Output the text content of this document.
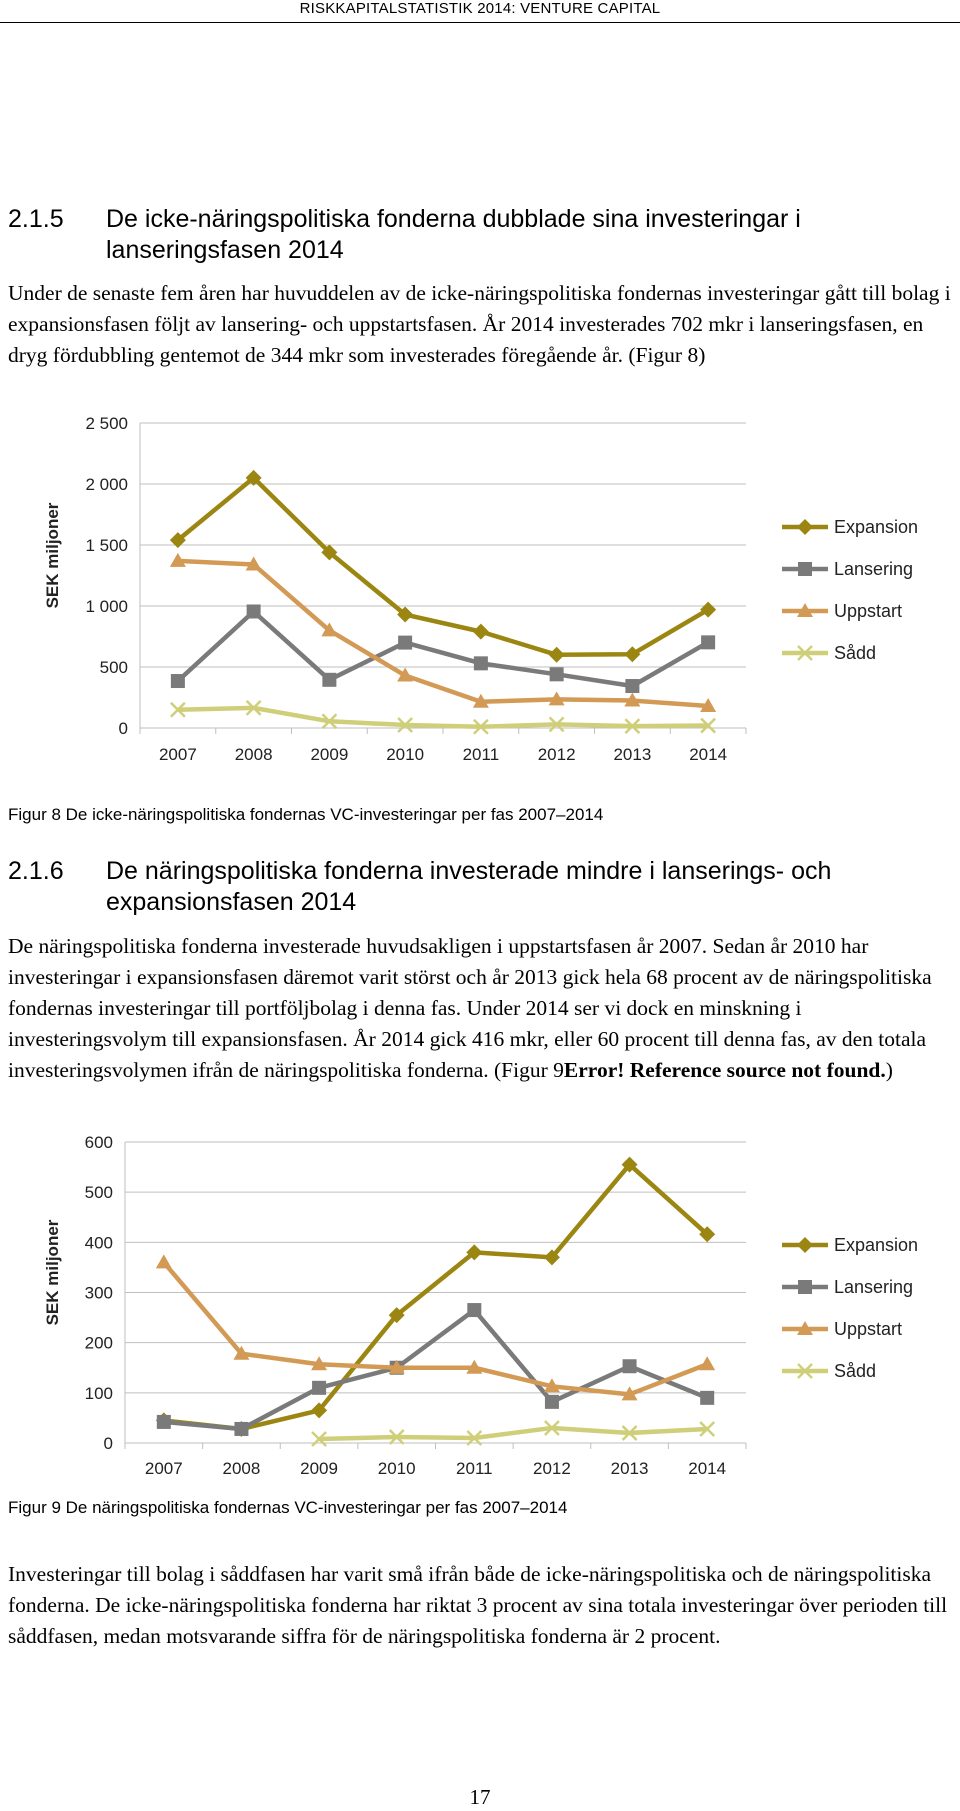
RISKKAPITALSTATISTIK 2014: VENTURE CAPITAL
2.1.5 De icke-näringspolitiska fonderna dubblade sina investeringar i lanseringsfasen 2014
Under de senaste fem åren har huvuddelen av de icke-näringspolitiska fondernas investeringar gått till bolag i expansionsfasen följt av lansering- och uppstartsfasen. År 2014 investerades 702 mkr i lanseringsfasen, en dryg fördubbling gentemot de 344 mkr som investerades föregående år. (Figur 8)
0
500
1 000
1 500
2 000
2 500
2007 2008 2009 2010 2011 2012 2013 2014
SEK miljoner	Expansion
Lansering
Uppstart
Sådd
Figur 8 De icke-näringspolitiska fondernas VC-investeringar per fas 2007–2014
2.1.6 De näringspolitiska fonderna investerade mindre i lanserings- och expansionsfasen 2014
De näringspolitiska fonderna investerade huvudsakligen i uppstartsfasen år 2007. Sedan år 2010 har investeringar i expansionsfasen däremot varit störst och år 2013 gick hela 68 procent av de näringspolitiska fondernas investeringar till portföljbolag i denna fas. Under 2014 ser vi dock en minskning i investeringsvolym till expansionsfasen. År 2014 gick 416 mkr, eller 60 procent till denna fas, av den totala investeringsvolymen ifrån de näringspolitiska fonderna. (Figur 9Error! Reference source not found.)
0
100
200
300
400
500
600
2007 2008 2009 2010 2011 2012 2013 2014
SEK miljoner	Expansion
Lansering
Uppstart
Sådd
Figur 9 De näringspolitiska fondernas VC-investeringar per fas 2007–2014
Investeringar till bolag i såddfasen har varit små ifrån både de icke-näringspolitiska och de näringspolitiska fonderna. De icke-näringspolitiska fonderna har riktat 3 procent av sina totala investeringar över perioden till såddfasen, medan motsvarande siffra för de näringspolitiska fonderna är 2 procent.
17
